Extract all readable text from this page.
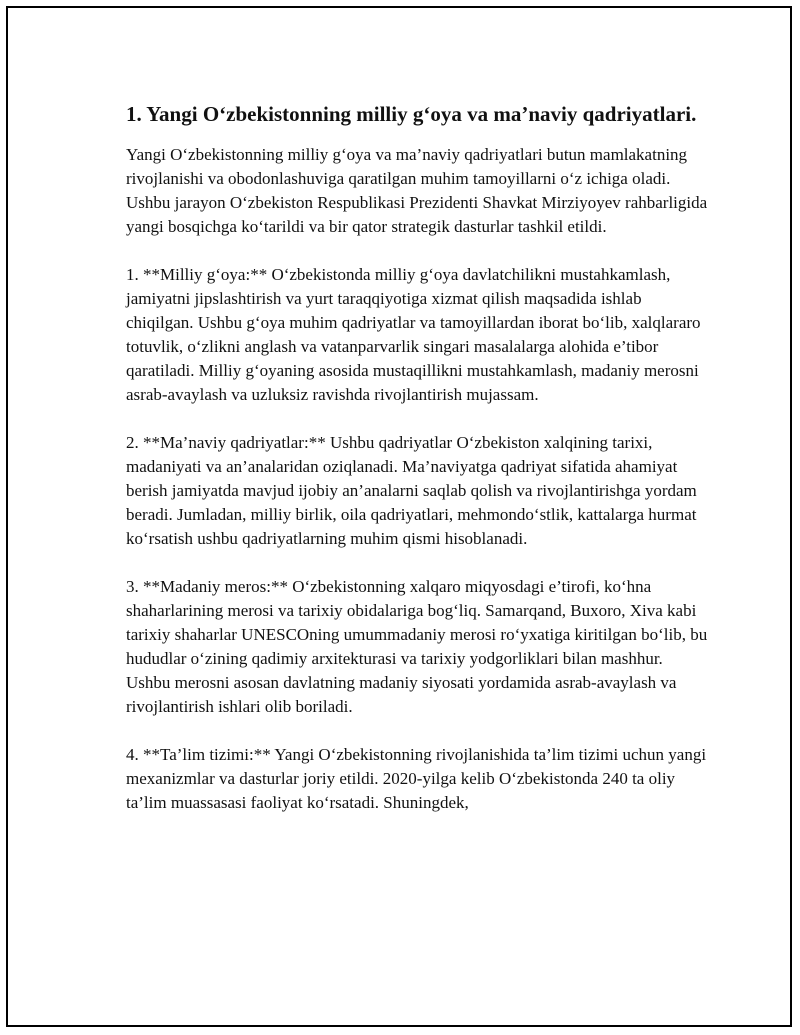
1. Yangi O‘zbekistonning milliy g‘oya va ma’naviy qadriyatlari.

Yangi O‘zbekistonning milliy g‘oya va ma’naviy qadriyatlari butun mamlakatning rivojlanishi va obodonlashuviga qaratilgan muhim tamoyillarni o‘z ichiga oladi. Ushbu jarayon O‘zbekiston Respublikasi Prezidenti Shavkat Mirziyoyev rahbarligida yangi bosqichga ko‘tarildi va bir qator strategik dasturlar tashkil etildi.

1. **Milliy g‘oya:** O‘zbekistonda milliy g‘oya davlatchilikni mustahkamlash, jamiyatni jipslashtirish va yurt taraqqiyotiga xizmat qilish maqsadida ishlab chiqilgan. Ushbu g‘oya muhim qadriyatlar va tamoyillardan iborat bo‘lib, xalqlararo totuvlik, o‘zlikni anglash va vatanparvarlik singari masalalarga alohida e’tibor qaratiladi. Milliy g‘oyaning asosida mustaqillikni mustahkamlash, madaniy merosni asrab-avaylash va uzluksiz ravishda rivojlantirish mujassam.

2. **Ma’naviy qadriyatlar:** Ushbu qadriyatlar O‘zbekiston xalqining tarixi, madaniyati va an’analaridan oziqlanadi. Ma’naviyatga qadriyat sifatida ahamiyat berish jamiyatda mavjud ijobiy an’analarni saqlab qolish va rivojlantirishga yordam beradi. Jumladan, milliy birlik, oila qadriyatlari, mehmondo‘stlik, kattalarga hurmat ko‘rsatish ushbu qadriyatlarning muhim qismi hisoblanadi.

3. **Madaniy meros:** O‘zbekistonning xalqaro miqyosdagi e’tirofi, ko‘hna shaharlarining merosi va tarixiy obidalariga bog‘liq. Samarqand, Buxoro, Xiva kabi tarixiy shaharlar UNESCOning umummadaniy merosi ro‘yxatiga kiritilgan bo‘lib, bu hududlar o‘zining qadimiy arxitekturasi va tarixiy yodgorliklari bilan mashhur. Ushbu merosni asosan davlatning madaniy siyosati yordamida asrab-avaylash va rivojlantirish ishlari olib boriladi.

4. **Ta’lim tizimi:** Yangi O‘zbekistonning rivojlanishida ta’lim tizimi uchun yangi mexanizmlar va dasturlar joriy etildi. 2020-yilga kelib O‘zbekistonda 240 ta oliy ta’lim muassasasi faoliyat ko‘rsatadi. Shuningdek,
